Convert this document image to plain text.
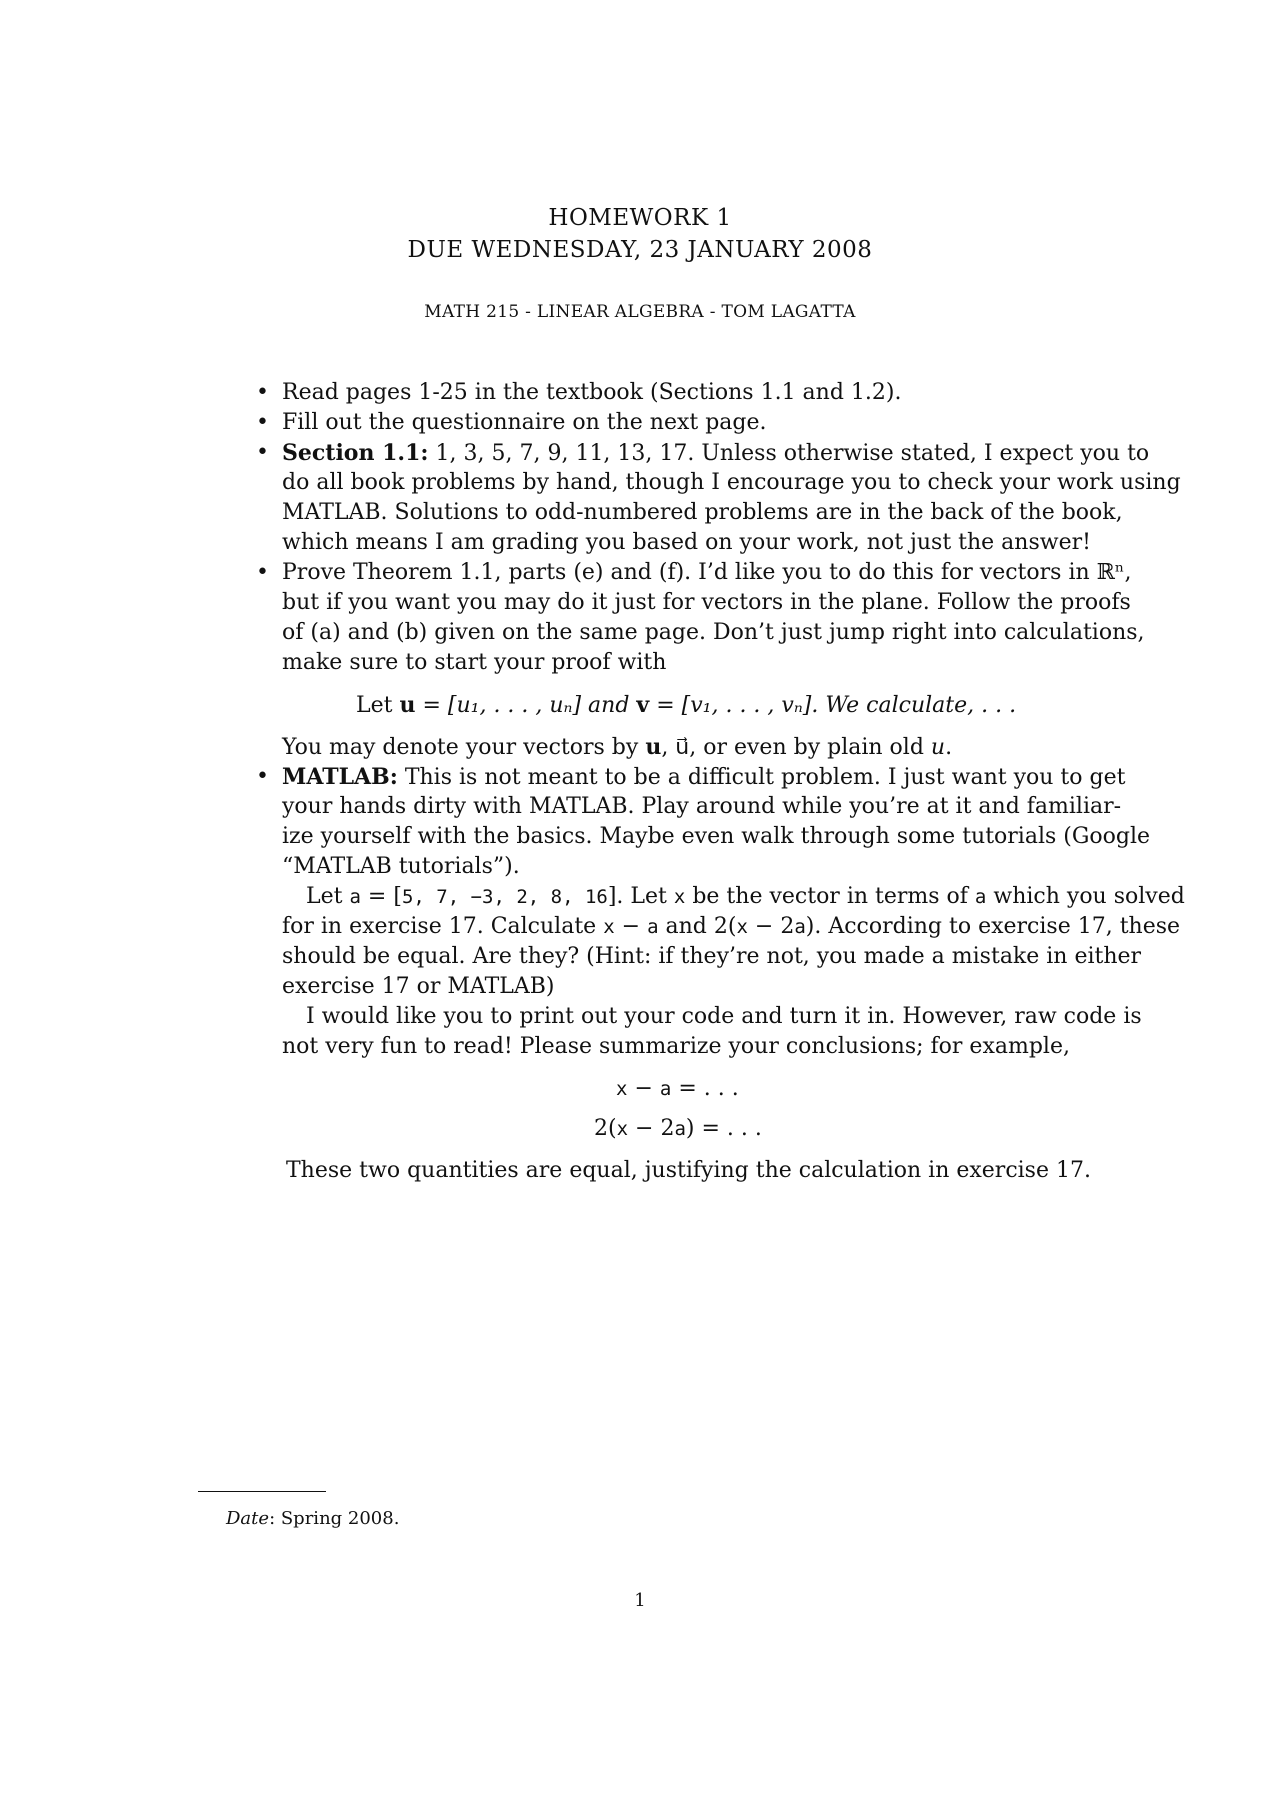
HOMEWORK 1
DUE WEDNESDAY, 23 JANUARY 2008
MATH 215 - LINEAR ALGEBRA - TOM LAGATTA
• Read pages 1-25 in the textbook (Sections 1.1 and 1.2).
• Fill out the questionnaire on the next page.
• Section 1.1: 1, 3, 5, 7, 9, 11, 13, 17. Unless otherwise stated, I expect you to
do all book problems by hand, though I encourage you to check your work using
MATLAB. Solutions to odd-numbered problems are in the back of the book,
which means I am grading you based on your work, not just the answer!
• Prove Theorem 1.1, parts (e) and (f). I’d like you to do this for vectors in ℝⁿ,
but if you want you may do it just for vectors in the plane. Follow the proofs
of (a) and (b) given on the same page. Don’t just jump right into calculations,
make sure to start your proof with
Let u = [u₁, . . . , uₙ] and v = [v₁, . . . , vₙ]. We calculate, . . .
You may denote your vectors by u, u⃗, or even by plain old u.
• MATLAB: This is not meant to be a difficult problem. I just want you to get
your hands dirty with MATLAB. Play around while you’re at it and familiar-
ize yourself with the basics. Maybe even walk through some tutorials (Google
“MATLAB tutorials”).
Let a = [5, 7, −3, 2, 8, 16]. Let x be the vector in terms of a which you solved
for in exercise 17. Calculate x − a and 2(x − 2a). According to exercise 17, these
should be equal. Are they? (Hint: if they’re not, you made a mistake in either
exercise 17 or MATLAB)
I would like you to print out your code and turn it in. However, raw code is
not very fun to read! Please summarize your conclusions; for example,
x − a = . . .
2(x − 2a) = . . .
These two quantities are equal, justifying the calculation in exercise 17.
Date: Spring 2008.
1
